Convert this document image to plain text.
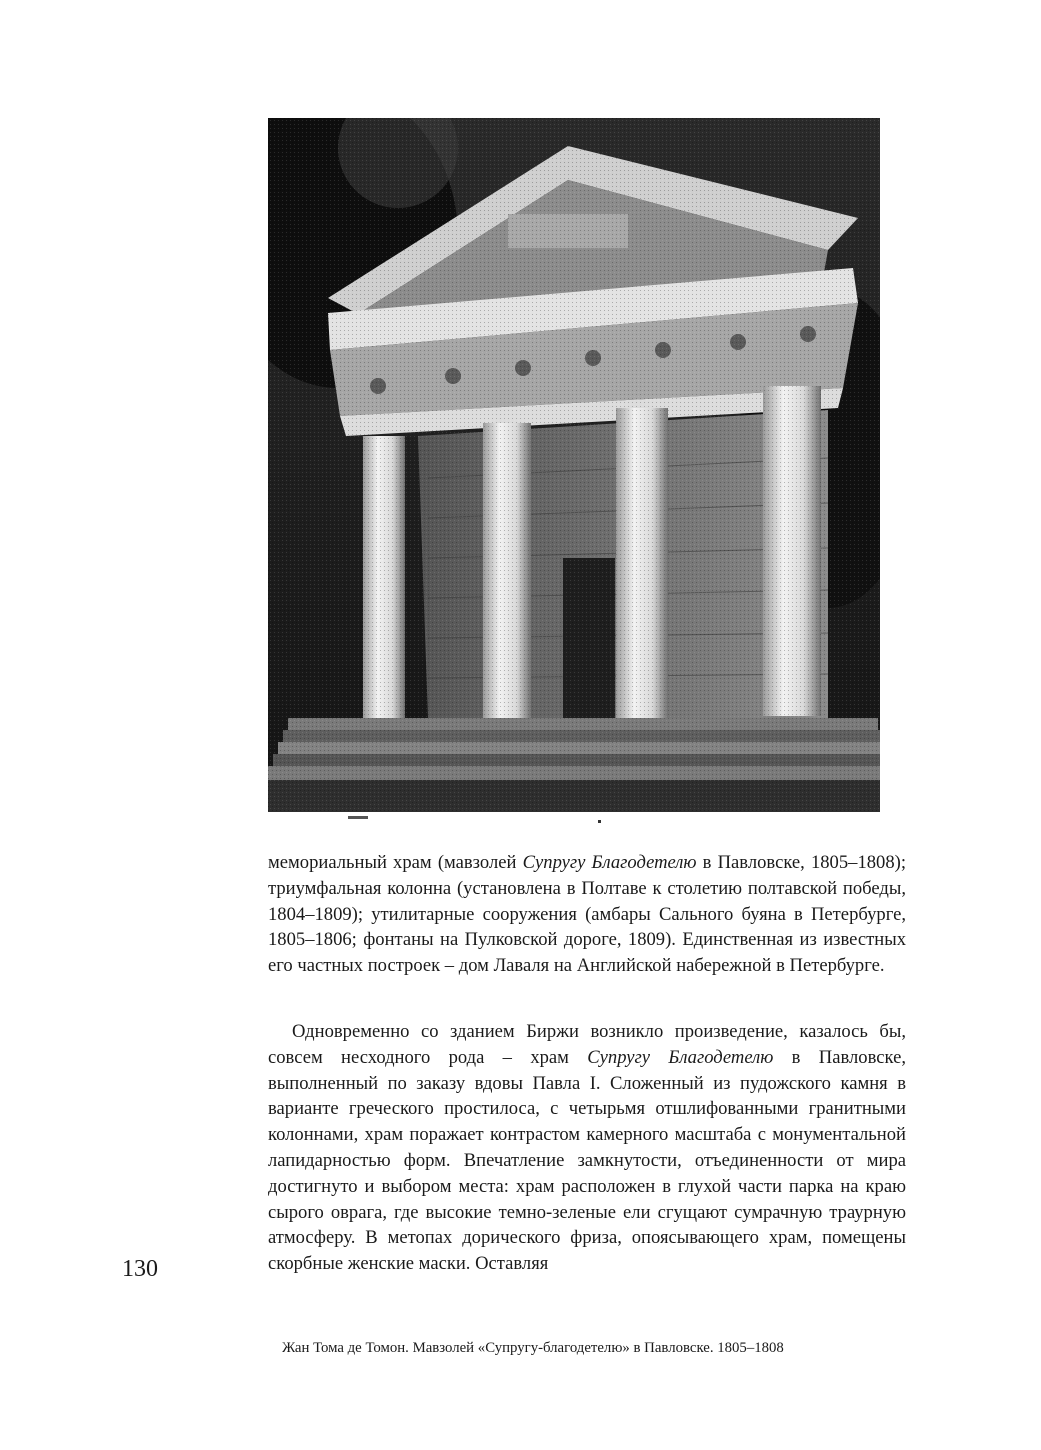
мемориальный храм (мавзолей Супругу Благодетелю в Павловске, 1805–1808); триумфальная колонна (установлена в Полтаве к столетию полтавской победы, 1804–1809); утилитарные сооружения (амбары Сального буяна в Петербурге, 1805–1806; фонтаны на Пулковской дороге, 1809). Единственная из известных его частных построек – дом Лаваля на Английской набережной в Петербурге.
Одновременно со зданием Биржи возникло произведение, казалось бы, совсем несходного рода – храм Супругу Благодетелю в Павловске, выполненный по заказу вдовы Павла I. Сложенный из пудожского камня в варианте греческого простилоса, с четырьмя отшлифованными гранитными колоннами, храм поражает контрастом камерного масштаба с монументальной лапидарностью форм. Впечатление замкнутости, отъединенности от мира достигнуто и выбором места: храм расположен в глухой части парка на краю сырого оврага, где высокие темно-зеленые ели сгущают сумрачную траурную атмосферу. В метопах дорического фриза, опоясывающего храм, помещены скорбные женские маски. Оставляя
130
Жан Тома де Томон. Мавзолей «Супругу-благодетелю» в Павловске. 1805–1808
